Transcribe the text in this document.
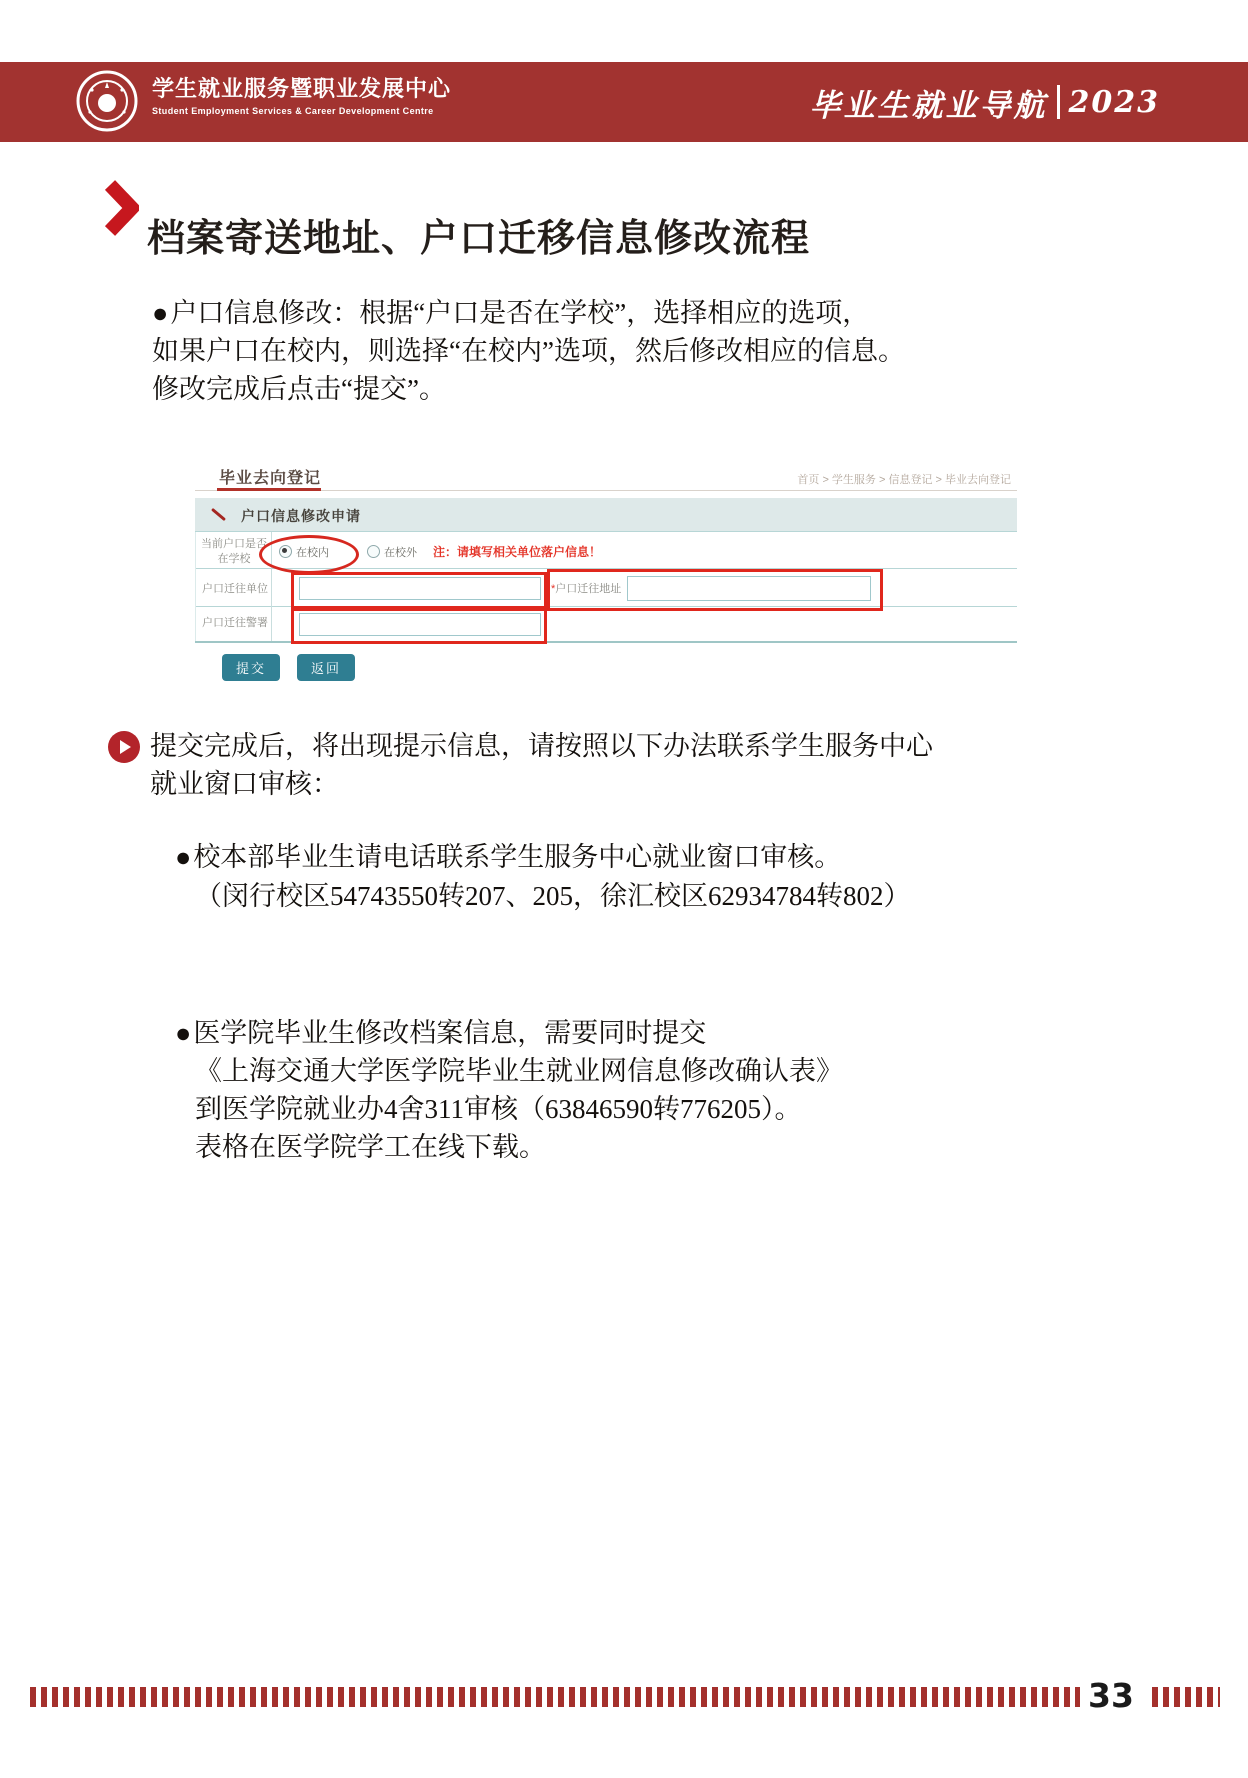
学生就业服务暨职业发展中心
Student Employment Services & Career Development Centre	毕业生就业导航 2023
档案寄送地址、户口迁移信息修改流程
●户口信息修改：根据“户口是否在学校”，选择相应的选项，
如果户口在校内，则选择“在校内”选项，然后修改相应的信息。
修改完成后点击“提交”。
毕业去向登记	首页 > 学生服务 > 信息登记 > 毕业去向登记
户口信息修改申请
当前户口是否在学校
在校内	在校外 注：请填写相关单位落户信息！
户口迁往单位	*户口迁往地址
户口迁往警署
提交	返回
提交完成后，将出现提示信息，请按照以下办法联系学生服务中心
就业窗口审核：
●校本部毕业生请电话联系学生服务中心就业窗口审核。
（闵行校区54743550转207、205，徐汇校区62934784转802）
●医学院毕业生修改档案信息，需要同时提交
《上海交通大学医学院毕业生就业网信息修改确认表》
到医学院就业办4舍311审核（63846590转776205）。
表格在医学院学工在线下载。
33
